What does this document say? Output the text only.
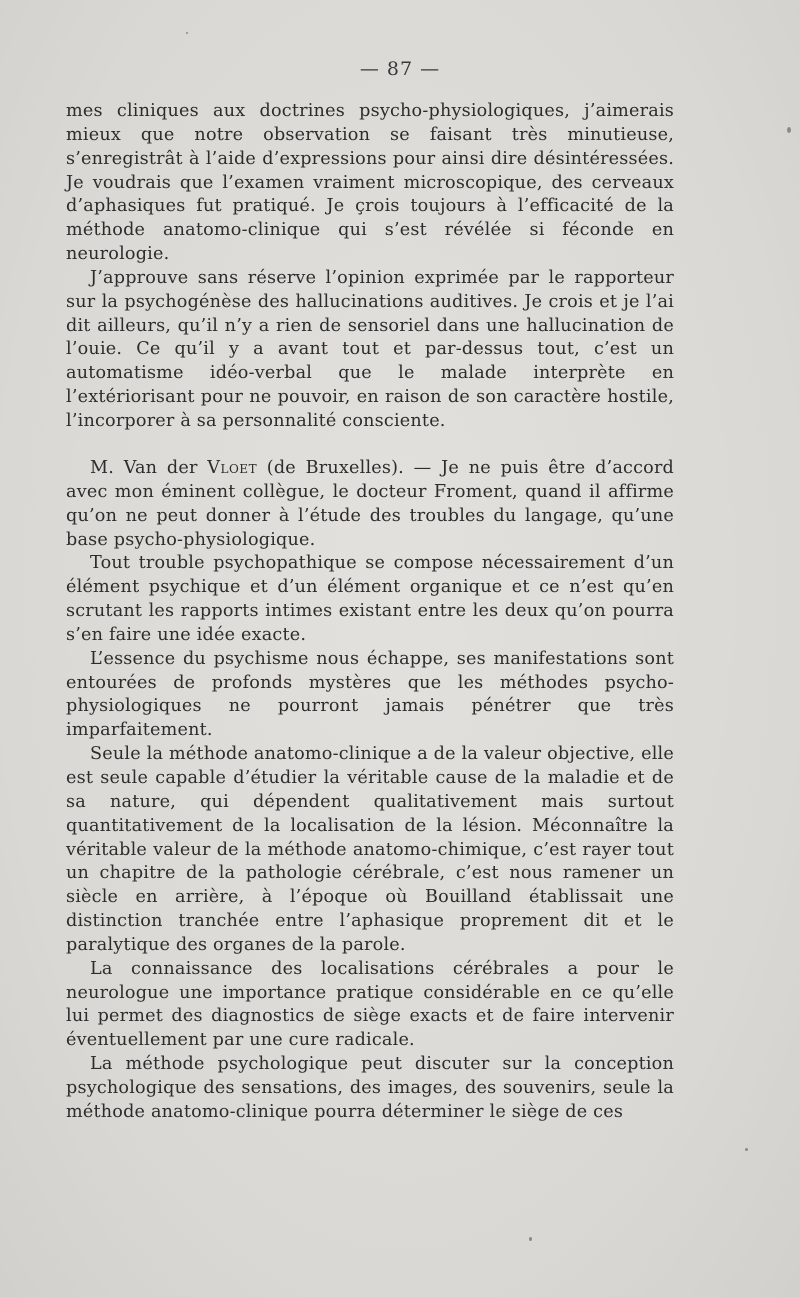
— 87 —

mes cliniques aux doctrines psycho-physiologiques, j’aimerais mieux que notre observation se faisant très minutieuse, s’enregistrât à l’aide d’expressions pour ainsi dire désintéressées. Je voudrais que l’examen vraiment microscopique, des cerveaux d’aphasiques fut pratiqué. Je çrois toujours à l’efficacité de la méthode anatomo-clinique qui s’est révélée si féconde en neurologie.

J’approuve sans réserve l’opinion exprimée par le rapporteur sur la psychogénèse des hallucinations auditives. Je crois et je l’ai dit ailleurs, qu’il n’y a rien de sensoriel dans une hallucination de l’ouie. Ce qu’il y a avant tout et par-dessus tout, c’est un automatisme idéo-verbal que le malade interprète en l’extériorisant pour ne pouvoir, en raison de son caractère hostile, l’incorporer à sa personnalité consciente.

M. Van der Vloet (de Bruxelles). — Je ne puis être d’accord avec mon éminent collègue, le docteur Froment, quand il affirme qu’on ne peut donner à l’étude des troubles du langage, qu’une base psycho-physiologique.

Tout trouble psychopathique se compose nécessairement d’un élément psychique et d’un élément organique et ce n’est qu’en scrutant les rapports intimes existant entre les deux qu’on pourra s’en faire une idée exacte.

L’essence du psychisme nous échappe, ses manifestations sont entourées de profonds mystères que les méthodes psycho-physiologiques ne pourront jamais pénétrer que très imparfaitement.

Seule la méthode anatomo-clinique a de la valeur objective, elle est seule capable d’étudier la véritable cause de la maladie et de sa nature, qui dépendent qualitativement mais surtout quantitativement de la localisation de la lésion. Méconnaître la véritable valeur de la méthode anatomo-chimique, c’est rayer tout un chapitre de la pathologie cérébrale, c’est nous ramener un siècle en arrière, à l’époque où Bouilland établissait une distinction tranchée entre l’aphasique proprement dit et le paralytique des organes de la parole.

La connaissance des localisations cérébrales a pour le neurologue une importance pratique considérable en ce qu’elle lui permet des diagnostics de siège exacts et de faire intervenir éventuellement par une cure radicale.

La méthode psychologique peut discuter sur la conception psychologique des sensations, des images, des souvenirs, seule la méthode anatomo-clinique pourra déterminer le siège de ces
